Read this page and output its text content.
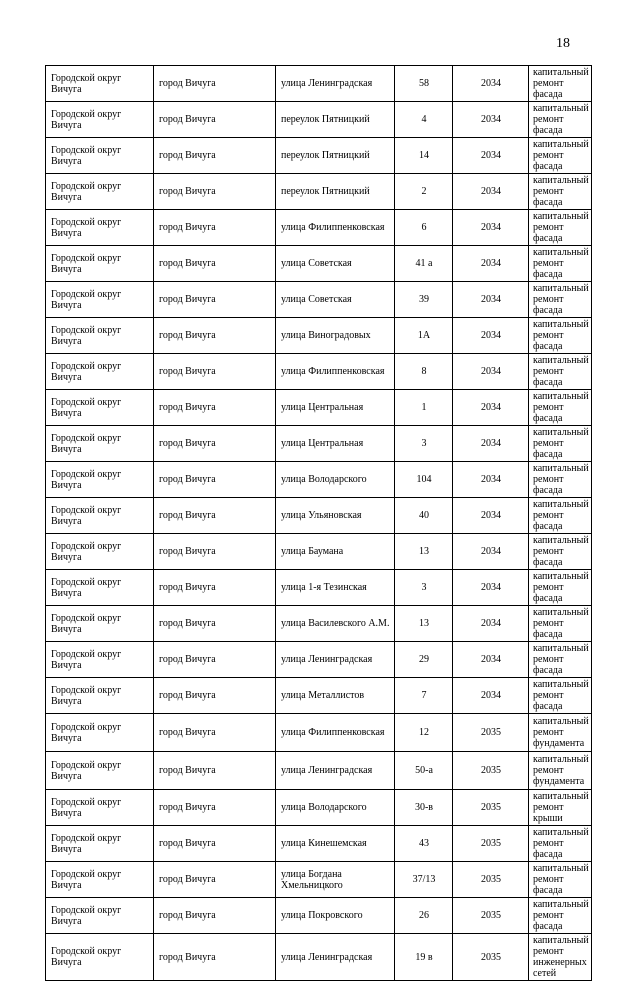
18
Городской округ Вичуга	город Вичуга	улица Ленинградская	58	2034	капитальный ремонт фасада
Городской округ Вичуга	город Вичуга	переулок Пятницкий	4	2034	капитальный ремонт фасада
Городской округ Вичуга	город Вичуга	переулок Пятницкий	14	2034	капитальный ремонт фасада
Городской округ Вичуга	город Вичуга	переулок Пятницкий	2	2034	капитальный ремонт фасада
Городской округ Вичуга	город Вичуга	улица Филиппенковская	6	2034	капитальный ремонт фасада
Городской округ Вичуга	город Вичуга	улица Советская	41 а	2034	капитальный ремонт фасада
Городской округ Вичуга	город Вичуга	улица Советская	39	2034	капитальный ремонт фасада
Городской округ Вичуга	город Вичуга	улица Виноградовых	1А	2034	капитальный ремонт фасада
Городской округ Вичуга	город Вичуга	улица Филиппенковская	8	2034	капитальный ремонт фасада
Городской округ Вичуга	город Вичуга	улица Центральная	1	2034	капитальный ремонт фасада
Городской округ Вичуга	город Вичуга	улица Центральная	3	2034	капитальный ремонт фасада
Городской округ Вичуга	город Вичуга	улица Володарского	104	2034	капитальный ремонт фасада
Городской округ Вичуга	город Вичуга	улица Ульяновская	40	2034	капитальный ремонт фасада
Городской округ Вичуга	город Вичуга	улица Баумана	13	2034	капитальный ремонт фасада
Городской округ Вичуга	город Вичуга	улица 1-я Тезинская	3	2034	капитальный ремонт фасада
Городской округ Вичуга	город Вичуга	улица Василевского А.М.	13	2034	капитальный ремонт фасада
Городской округ Вичуга	город Вичуга	улица Ленинградская	29	2034	капитальный ремонт фасада
Городской округ Вичуга	город Вичуга	улица Металлистов	7	2034	капитальный ремонт фасада
Городской округ Вичуга	город Вичуга	улица Филиппенковская	12	2035	капитальный ремонт фундамента
Городской округ Вичуга	город Вичуга	улица Ленинградская	50-а	2035	капитальный ремонт фундамента
Городской округ Вичуга	город Вичуга	улица Володарского	30-в	2035	капитальный ремонт крыши
Городской округ Вичуга	город Вичуга	улица Кинешемская	43	2035	капитальный ремонт фасада
Городской округ Вичуга	город Вичуга	улица Богдана Хмельницкого	37/13	2035	капитальный ремонт фасада
Городской округ Вичуга	город Вичуга	улица Покровского	26	2035	капитальный ремонт фасада
Городской округ Вичуга	город Вичуга	улица Ленинградская	19 в	2035	капитальный ремонт инженерных сетей
